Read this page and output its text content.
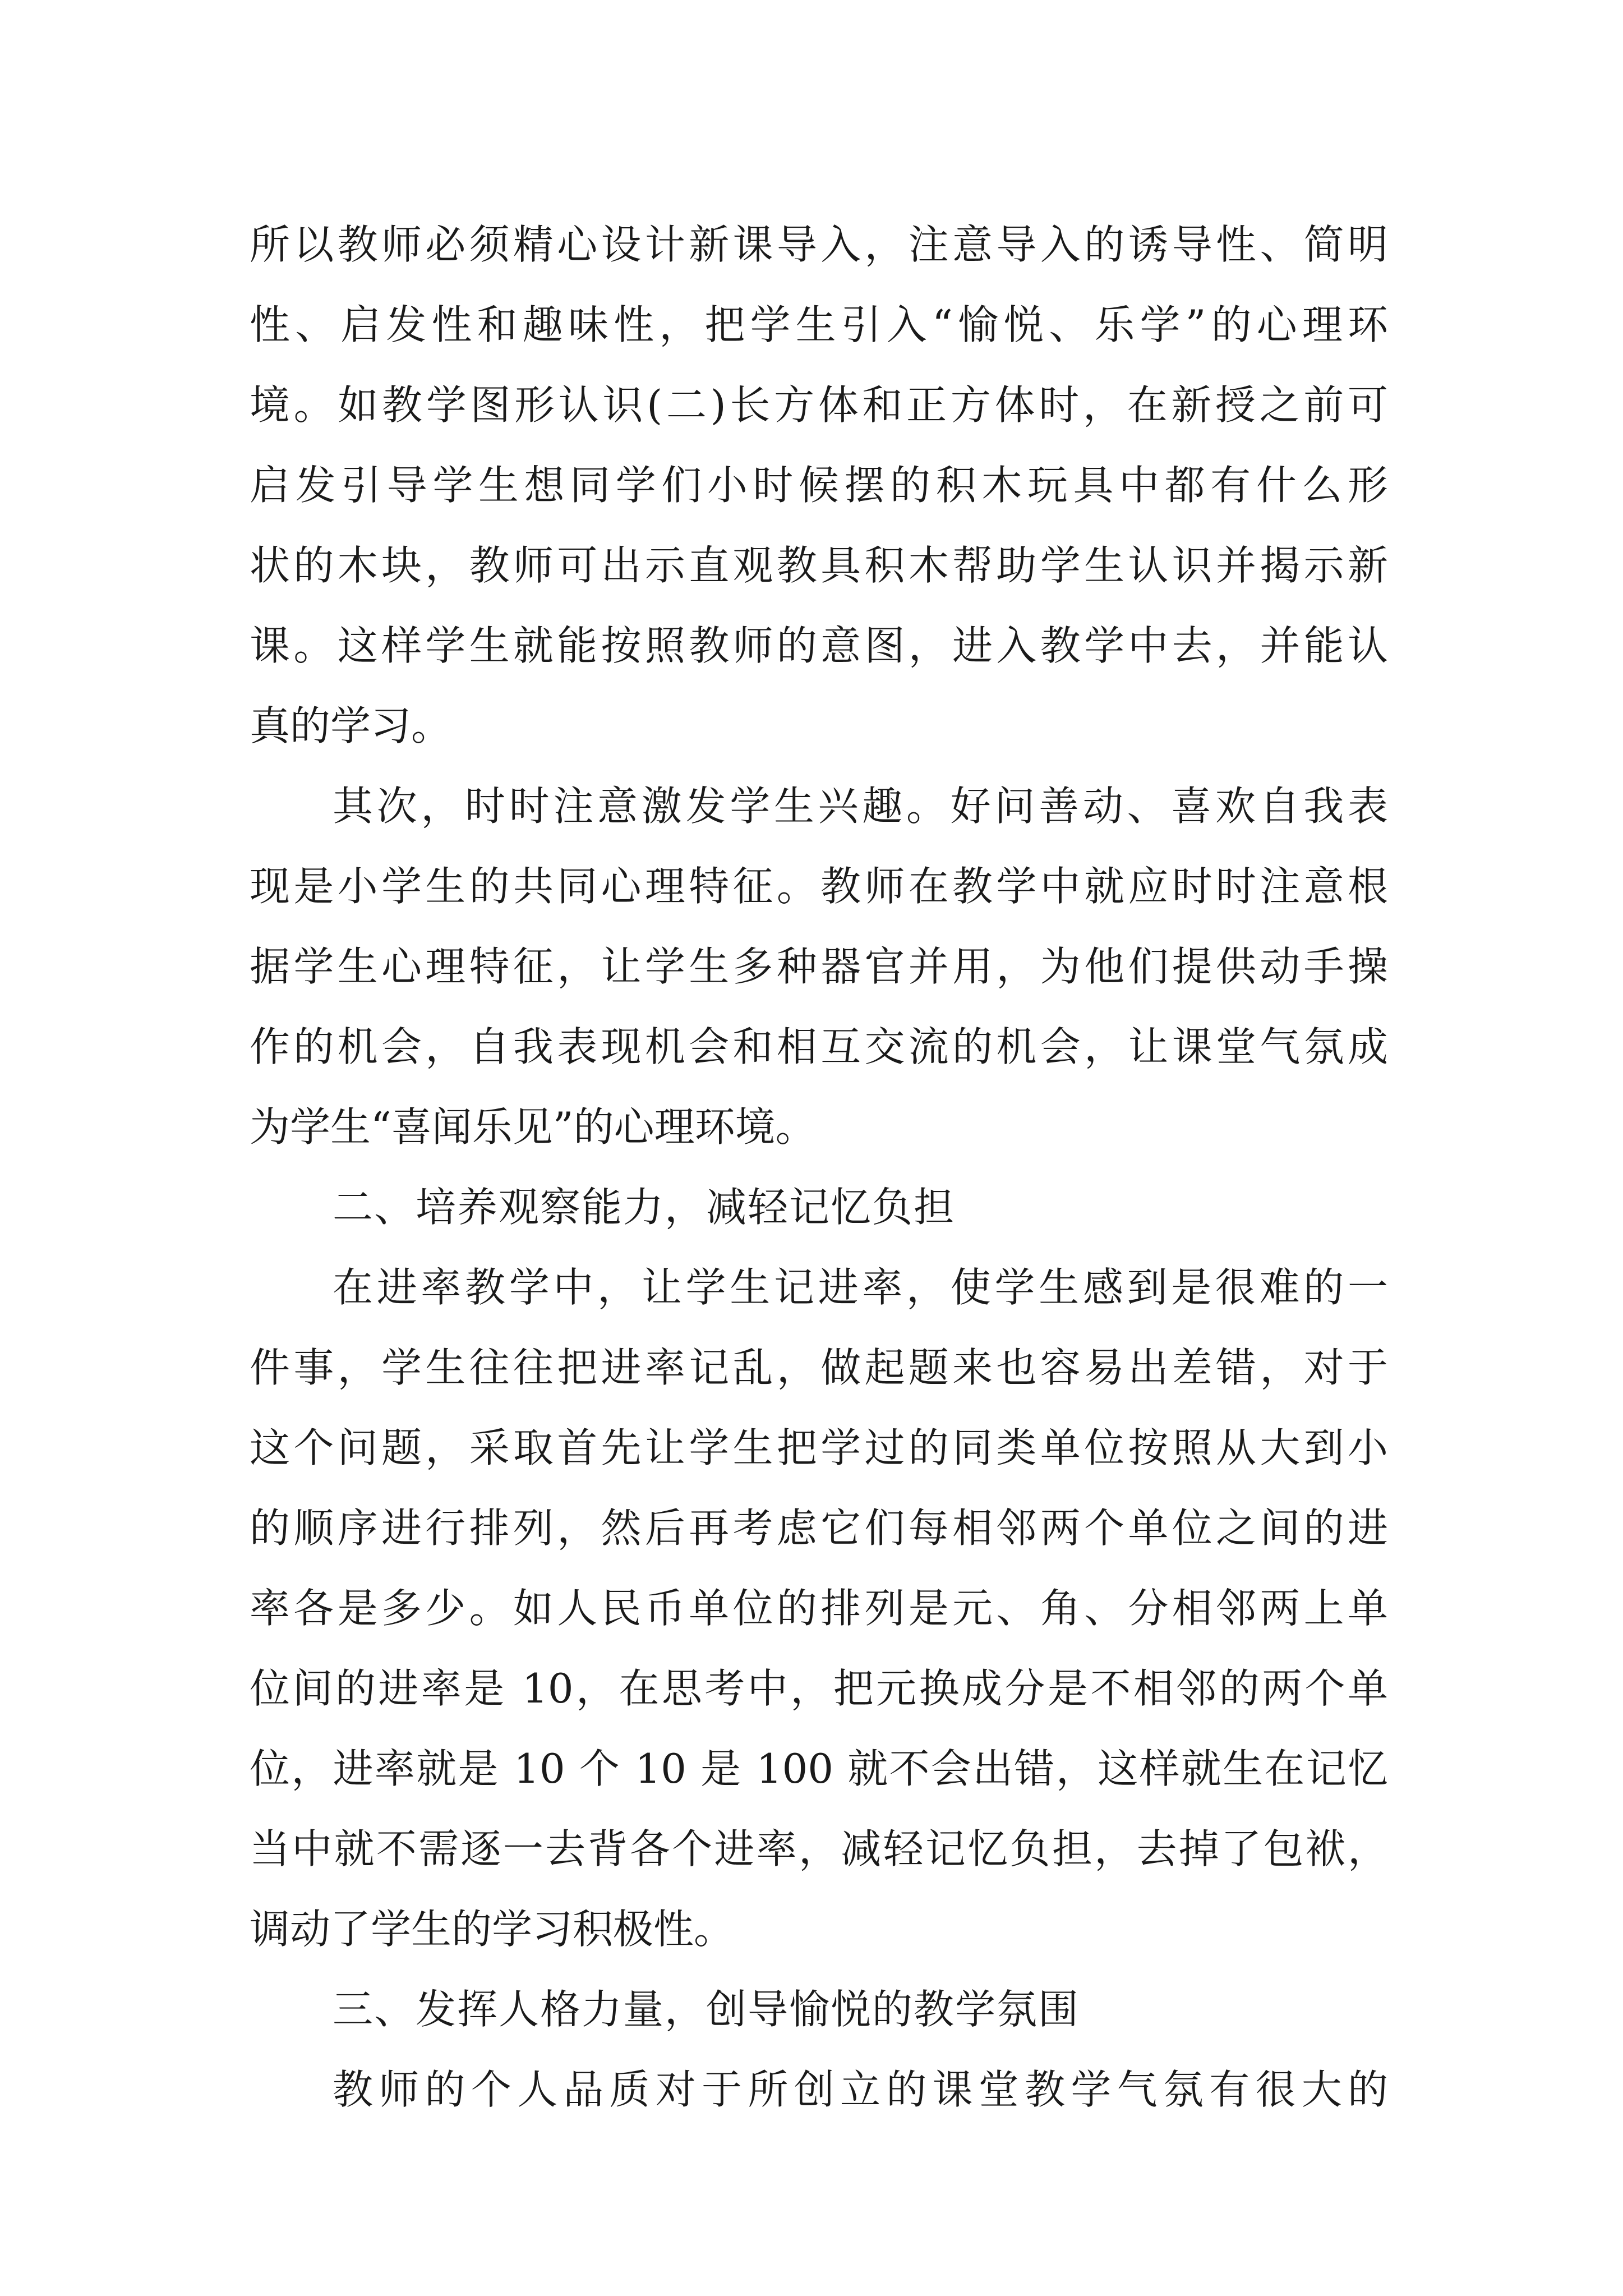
所以教师必须精心设计新课导入，注意导入的诱导性、简明
性、启发性和趣味性，把学生引入“愉悦、乐学”的心理环
境。如教学图形认识(二)长方体和正方体时，在新授之前可
启发引导学生想同学们小时候摆的积木玩具中都有什么形
状的木块，教师可出示直观教具积木帮助学生认识并揭示新
课。这样学生就能按照教师的意图，进入教学中去，并能认
真的学习。
其次，时时注意激发学生兴趣。好问善动、喜欢自我表
现是小学生的共同心理特征。教师在教学中就应时时注意根
据学生心理特征，让学生多种器官并用，为他们提供动手操
作的机会，自我表现机会和相互交流的机会，让课堂气氛成
为学生“喜闻乐见”的心理环境。
二、培养观察能力，减轻记忆负担
在进率教学中，让学生记进率，使学生感到是很难的一
件事，学生往往把进率记乱，做起题来也容易出差错，对于
这个问题，采取首先让学生把学过的同类单位按照从大到小
的顺序进行排列，然后再考虑它们每相邻两个单位之间的进
率各是多少。如人民币单位的排列是元、角、分相邻两上单
位间的进率是 10，在思考中，把元换成分是不相邻的两个单
位，进率就是 10 个 10 是 100 就不会出错，这样就生在记忆
当中就不需逐一去背各个进率，减轻记忆负担，去掉了包袱，
调动了学生的学习积极性。
三、发挥人格力量，创导愉悦的教学氛围
教师的个人品质对于所创立的课堂教学气氛有很大的
